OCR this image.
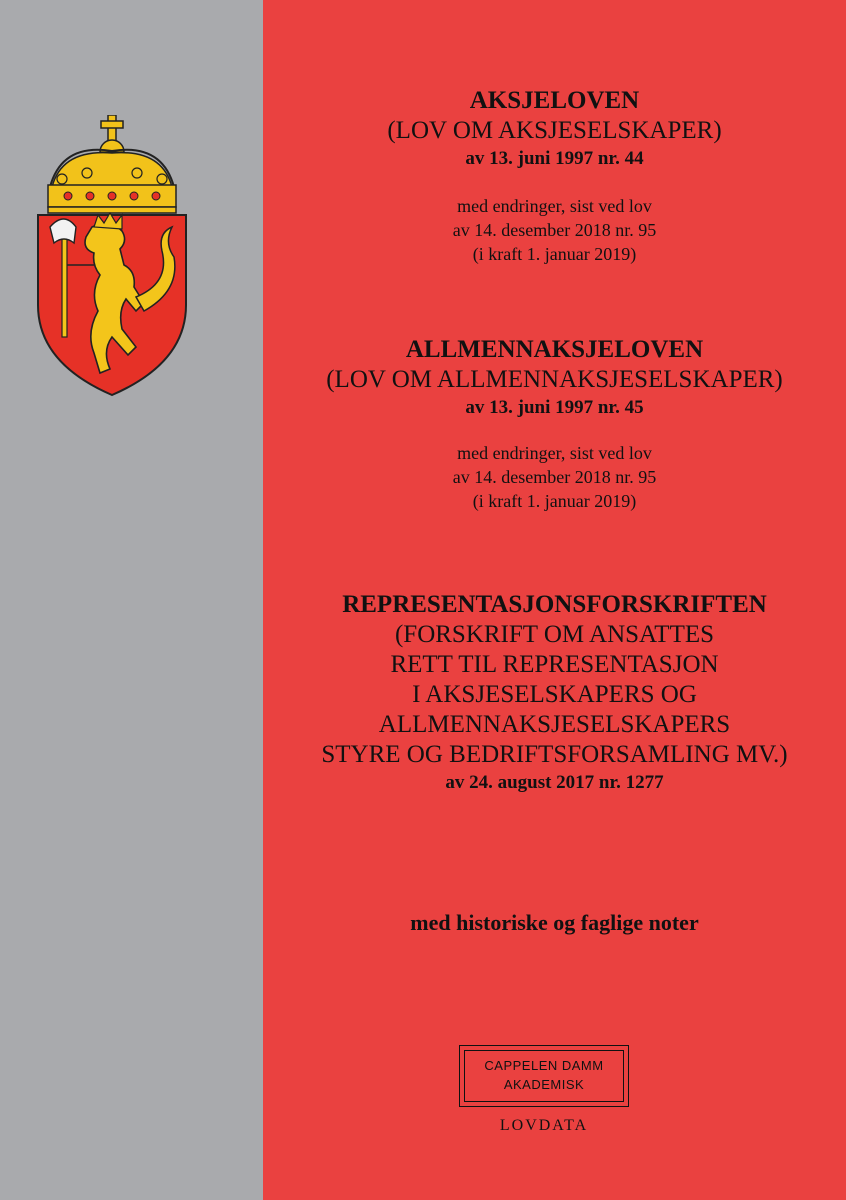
AKSJELOVEN
(LOV OM AKSJESELSKAPER)
av 13. juni 1997 nr. 44
med endringer, sist ved lov
av 14. desember 2018 nr. 95
(i kraft 1. januar 2019)
ALLMENNAKSJELOVEN
(LOV OM ALLMENNAKSJESELSKAPER)
av 13. juni 1997 nr. 45
med endringer, sist ved lov
av 14. desember 2018 nr. 95
(i kraft 1. januar 2019)
REPRESENTASJONSFORSKRIFTEN
(FORSKRIFT OM ANSATTES
RETT TIL REPRESENTASJON
I AKSJESELSKAPERS OG
ALLMENNAKSJESELSKAPERS
STYRE OG BEDRIFTSFORSAMLING MV.)
av 24. august 2017 nr. 1277
med historiske og faglige noter
CAPPELEN DAMM
AKADEMISK
LOVDATA
